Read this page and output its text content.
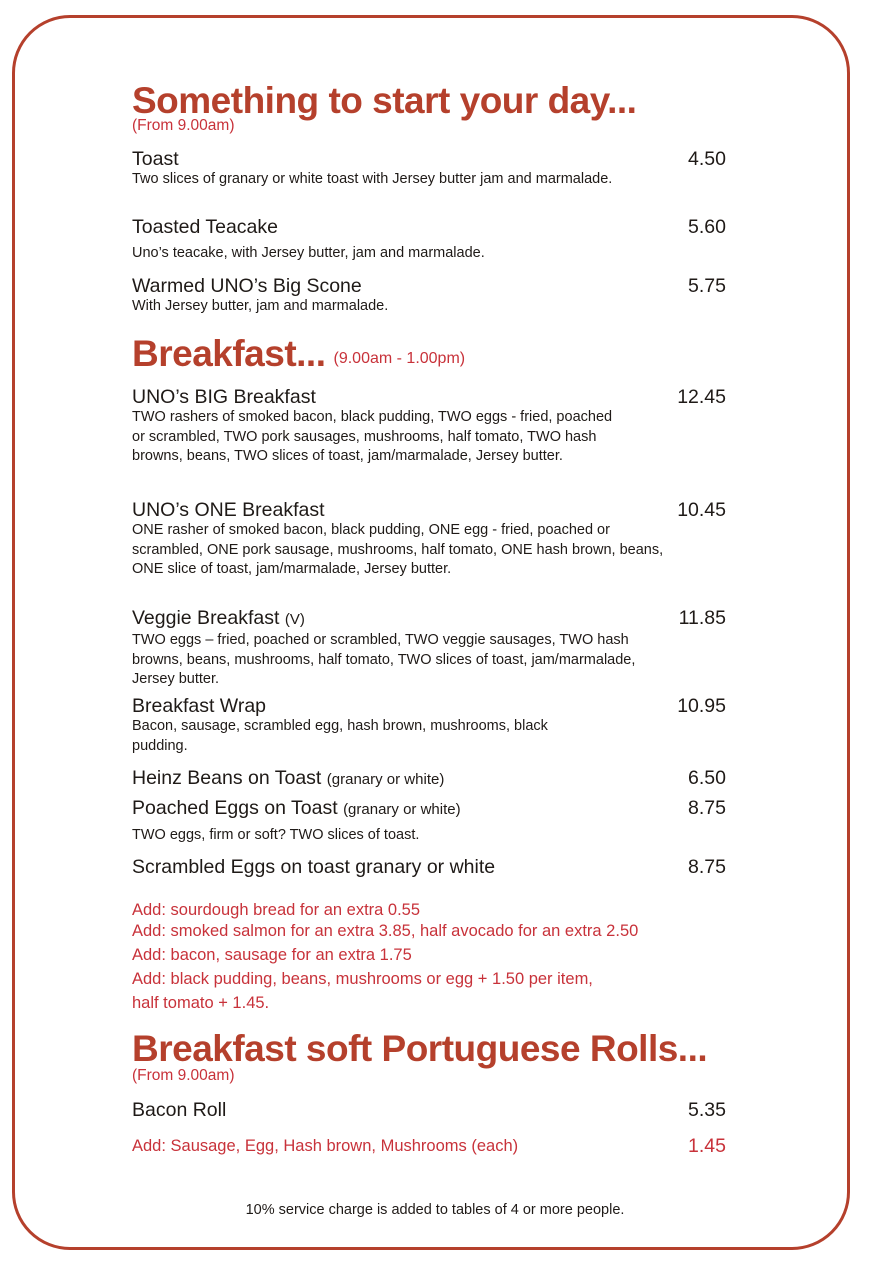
Something to start your day...
(From 9.00am)
Toast	4.50
Two slices of granary or white toast with Jersey butter jam and marmalade.
Toasted Teacake	5.60
Uno’s teacake, with Jersey butter, jam and marmalade.
Warmed UNO’s Big Scone	5.75
With Jersey butter, jam and marmalade.
Breakfast... (9.00am - 1.00pm)
UNO’s BIG Breakfast	12.45
TWO rashers of smoked bacon, black pudding, TWO eggs - fried, poached or scrambled, TWO pork sausages, mushrooms, half tomato, TWO hash browns, beans, TWO slices of toast, jam/marmalade, Jersey butter.
UNO’s ONE Breakfast	10.45
ONE rasher of smoked bacon, black pudding, ONE egg - fried, poached or scrambled, ONE pork sausage, mushrooms, half tomato, ONE hash brown, beans, ONE slice of toast, jam/marmalade, Jersey butter.
Veggie Breakfast (V)	11.85
TWO eggs – fried, poached or scrambled, TWO veggie sausages, TWO hash browns, beans, mushrooms, half tomato, TWO slices of toast, jam/marmalade, Jersey butter.
Breakfast Wrap	10.95
Bacon, sausage, scrambled egg, hash brown, mushrooms, black pudding.
Heinz Beans on Toast (granary or white)	6.50
Poached Eggs on Toast (granary or white)	8.75
TWO eggs, firm or soft? TWO slices of toast.
Scrambled Eggs on toast granary or white	8.75
Add: sourdough bread for an extra 0.55
Add: smoked salmon for an extra 3.85, half avocado for an extra 2.50
Add: bacon, sausage for an extra 1.75
Add: black pudding, beans, mushrooms or egg + 1.50 per item,
half tomato + 1.45.
Breakfast soft Portuguese Rolls...
(From 9.00am)
Bacon Roll	5.35
Add: Sausage, Egg, Hash brown, Mushrooms (each)	1.45
10% service charge is added to tables of 4 or more people.
